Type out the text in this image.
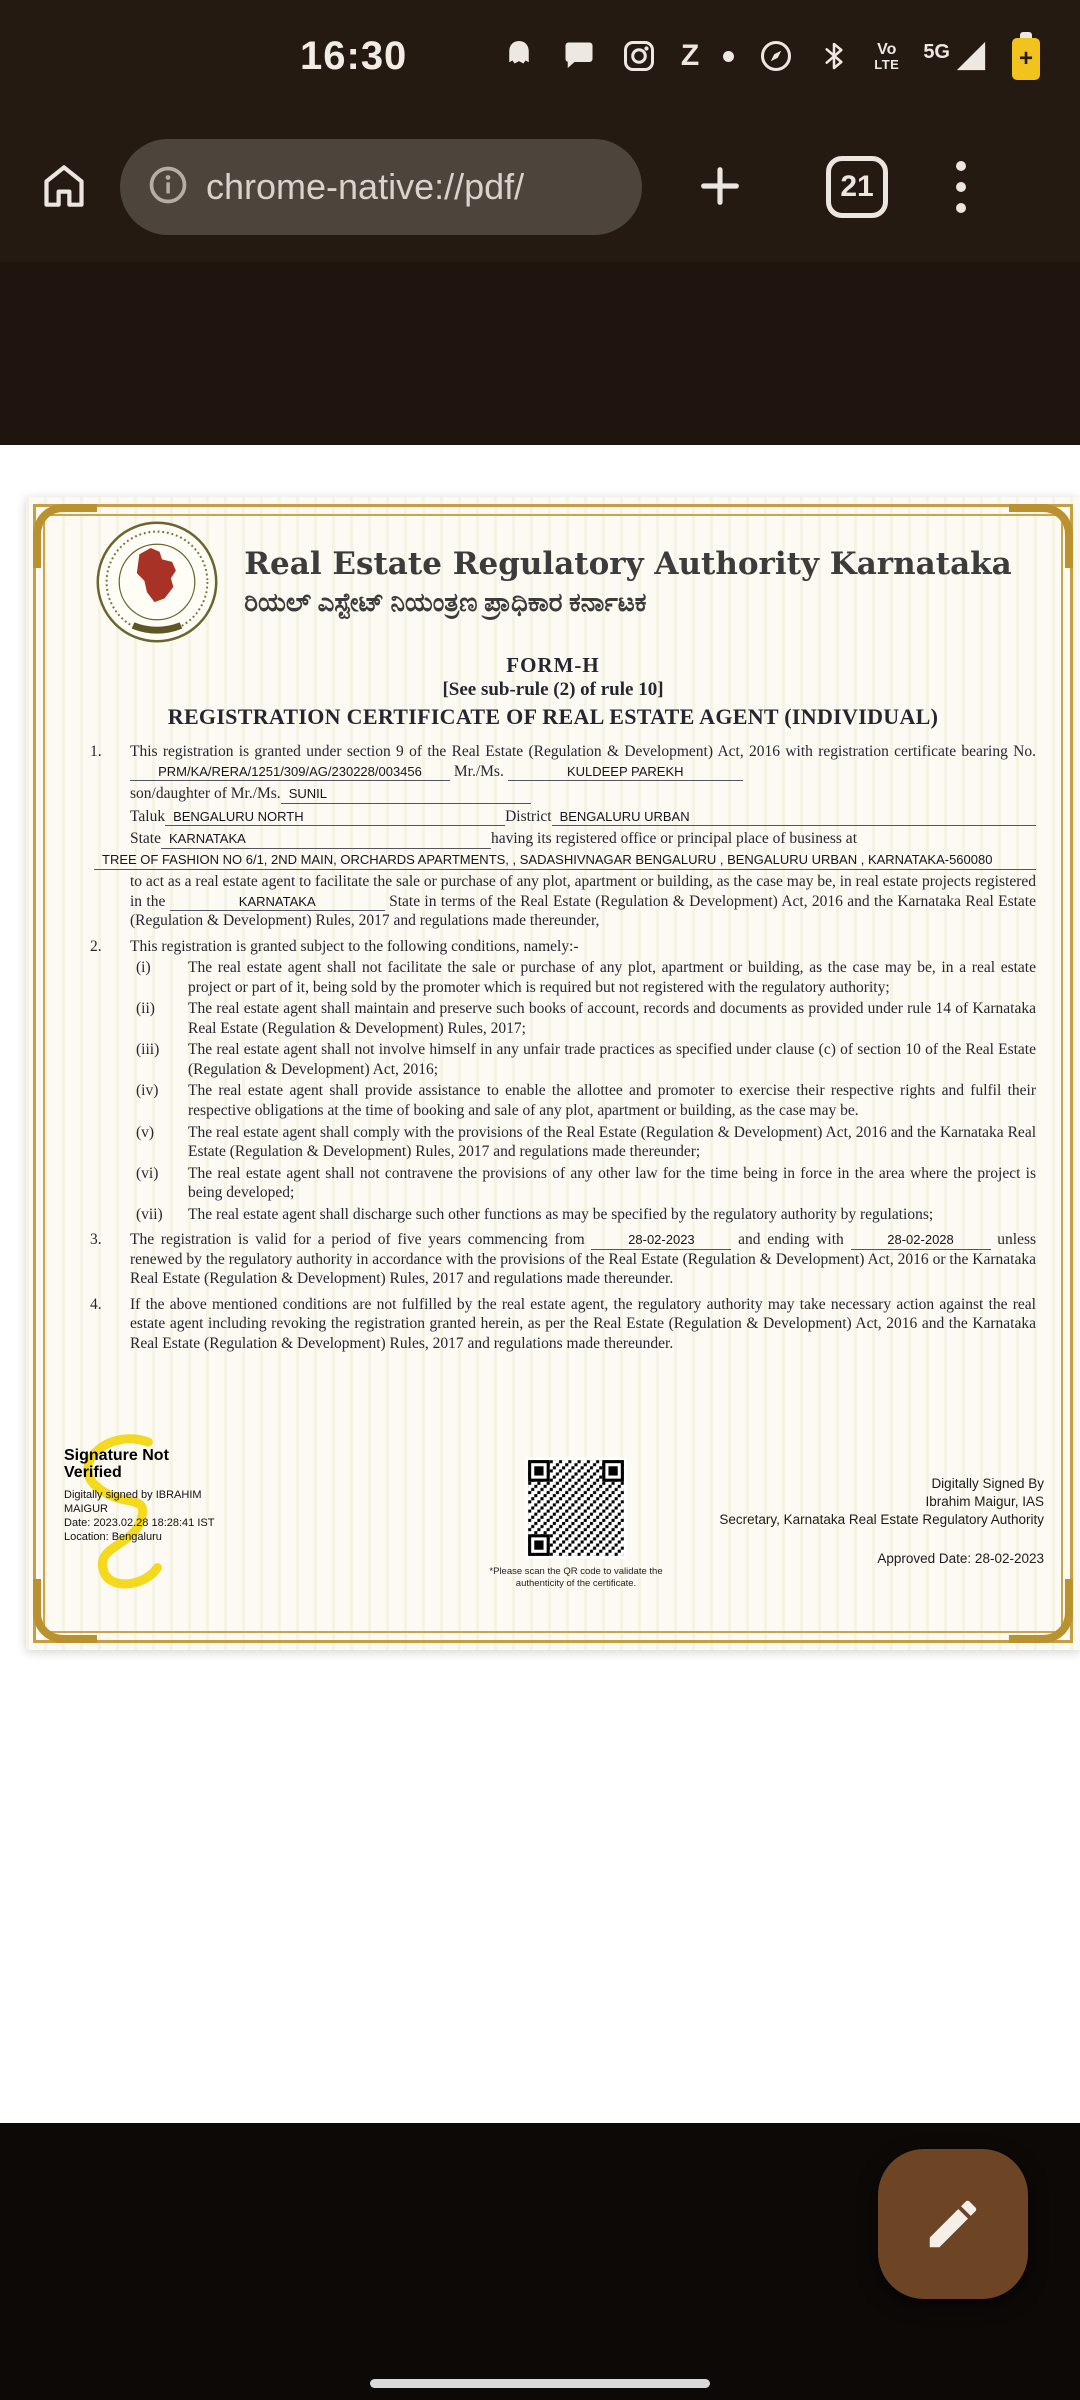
16:30	Z	Vo
LTE
5G	+
chrome-native://pdf/	21
Real Estate Regulatory Authority Karnataka
ರಿಯಲ್ ಎಸ್ಟೇಟ್ ನಿಯಂತ್ರಣ ಪ್ರಾಧಿಕಾರ ಕರ್ನಾಟಕ
FORM-H
[See sub-rule (2) of rule 10]
REGISTRATION CERTIFICATE OF REAL ESTATE AGENT (INDIVIDUAL)
1.	This registration is granted under section 9 of the Real Estate (Regulation & Development) Act, 2016 with registration certificate bearing No. PRM/KA/RERA/1251/309/AG/230228/003456 Mr./Ms.	KULDEEP PAREKH
son/daughter of Mr./Ms. SUNIL
Taluk BENGALURU NORTH	District BENGALURU URBAN
State KARNATAKA	having its registered office or principal place of business at
TREE OF FASHION NO 6/1, 2ND MAIN, ORCHARDS APARTMENTS, , SADASHIVNAGAR BENGALURU , BENGALURU URBAN , KARNATAKA-560080
to act as a real estate agent to facilitate the sale or purchase of any plot, apartment or building, as the case may be, in real estate projects registered in the	KARNATAKA	State in terms of the Real Estate (Regulation & Development) Act, 2016 and the Karnataka Real Estate (Regulation & Development) Rules, 2017 and regulations made thereunder,
2.	This registration is granted subject to the following conditions, namely:-
(i)	The real estate agent shall not facilitate the sale or purchase of any plot, apartment or building, as the case may be, in a real estate project or part of it, being sold by the promoter which is required but not registered with the regulatory authority;
(ii)	The real estate agent shall maintain and preserve such books of account, records and documents as provided under rule 14 of Karnataka Real Estate (Regulation & Development) Rules, 2017;
(iii)	The real estate agent shall not involve himself in any unfair trade practices as specified under clause (c) of section 10 of the Real Estate (Regulation & Development) Act, 2016;
(iv)	The real estate agent shall provide assistance to enable the allottee and promoter to exercise their respective rights and fulfil their respective obligations at the time of booking and sale of any plot, apartment or building, as the case may be.
(v)	The real estate agent shall comply with the provisions of the Real Estate (Regulation & Development) Act, 2016 and the Karnataka Real Estate (Regulation & Development) Rules, 2017 and regulations made thereunder;
(vi)	The real estate agent shall not contravene the provisions of any other law for the time being in force in the area where the project is being developed;
(vii)	The real estate agent shall discharge such other functions as may be specified by the regulatory authority by regulations;
3.	The registration is valid for a period of five years commencing from	28-02-2023	and ending with	28-02-2028	unless renewed by the regulatory authority in accordance with the provisions of the Real Estate (Regulation & Development) Act, 2016 or the Karnataka Real Estate (Regulation & Development) Rules, 2017 and regulations made thereunder.
4.	If the above mentioned conditions are not fulfilled by the real estate agent, the regulatory authority may take necessary action against the real estate agent including revoking the registration granted herein, as per the Real Estate (Regulation & Development) Act, 2016 and the Karnataka Real Estate (Regulation & Development) Rules, 2017 and regulations made thereunder.
Signature Not Verified
Digitally signed by IBRAHIM MAIGUR
Date: 2023.02.28 18:28:41 IST
Location: Bengaluru
*Please scan the QR code to validate the authenticity of the certificate.
Digitally Signed By
Ibrahim Maigur, IAS
Secretary, Karnataka Real Estate Regulatory Authority
Approved Date: 28-02-2023
